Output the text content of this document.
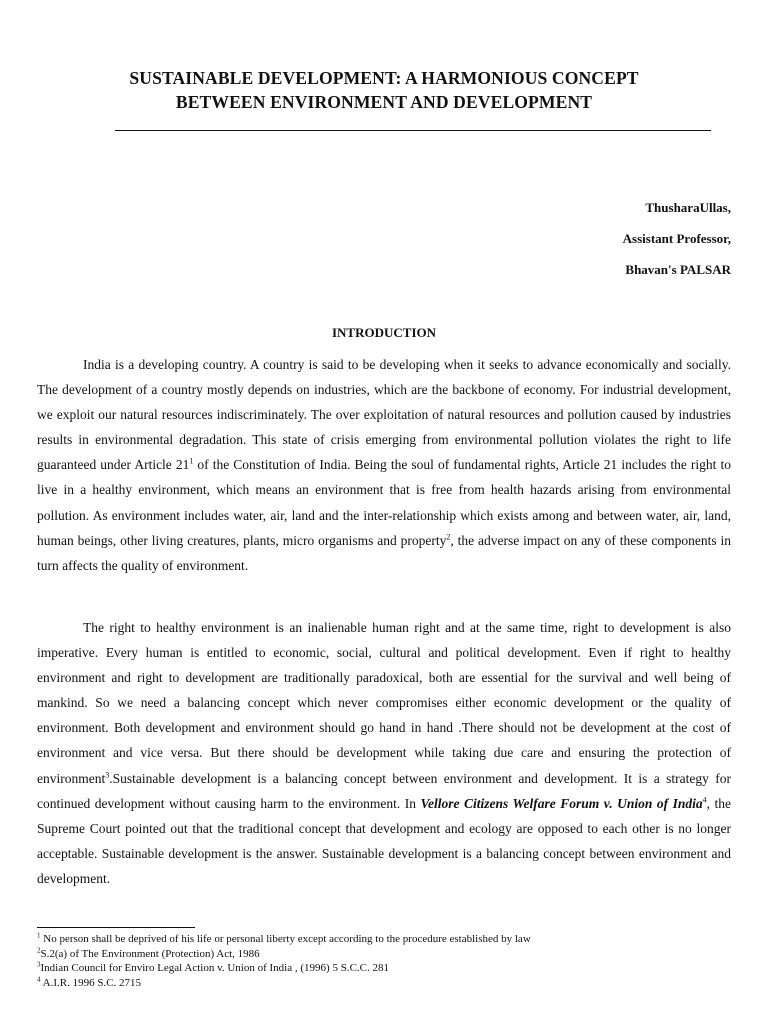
SUSTAINABLE DEVELOPMENT: A HARMONIOUS CONCEPT
BETWEEN ENVIRONMENT AND DEVELOPMENT
ThusharaUllas,
Assistant Professor,
Bhavan's PALSAR
INTRODUCTION

India is a developing country. A country is said to be developing when it seeks to advance economically and socially. The development of a country mostly depends on industries, which are the backbone of economy. For industrial development, we exploit our natural resources indiscriminately. The over exploitation of natural resources and pollution caused by industries results in environmental degradation. This state of crisis emerging from environmental pollution violates the right to life guaranteed under Article $21^1$ of the Constitution of India. Being the soul of fundamental rights, Article 21 includes the right to live in a healthy environment, which means an environment that is free from health hazards arising from environmental pollution. As environment includes water, air, land and the inter-relationship which exists among and between water, air, land, human beings, other living creatures, plants, micro organisms and property$^2$, the adverse impact on any of these components in turn affects the quality of environment.

The right to healthy environment is an inalienable human right and at the same time, right to development is also imperative. Every human is entitled to economic, social, cultural and political development. Even if right to healthy environment and right to development are traditionally paradoxical, both are essential for the survival and well being of mankind. So we need a balancing concept which never compromises either economic development or the quality of environment. Both development and environment should go hand in hand .There should not be development at the cost of environment and vice versa. But there should be development while taking due care and ensuring the protection of environment$^3$.Sustainable development is a balancing concept between environment and development. It is a strategy for continued development without causing harm to the environment. In Vellore Citizens Welfare Forum v. Union of India$^4$, the Supreme Court pointed out that the traditional concept that development and ecology are opposed to each other is no longer acceptable. Sustainable development is the answer. Sustainable development is a balancing concept between environment and development.

$^1$ No person shall be deprived of his life or personal liberty except according to the procedure established by law
$^2$S.2(a) of The Environment (Protection) Act, 1986
$^3$Indian Council for Enviro Legal Action v. Union of India , (1996) 5 S.C.C. 281
$^4$ A.I.R. 1996 S.C. 2715
